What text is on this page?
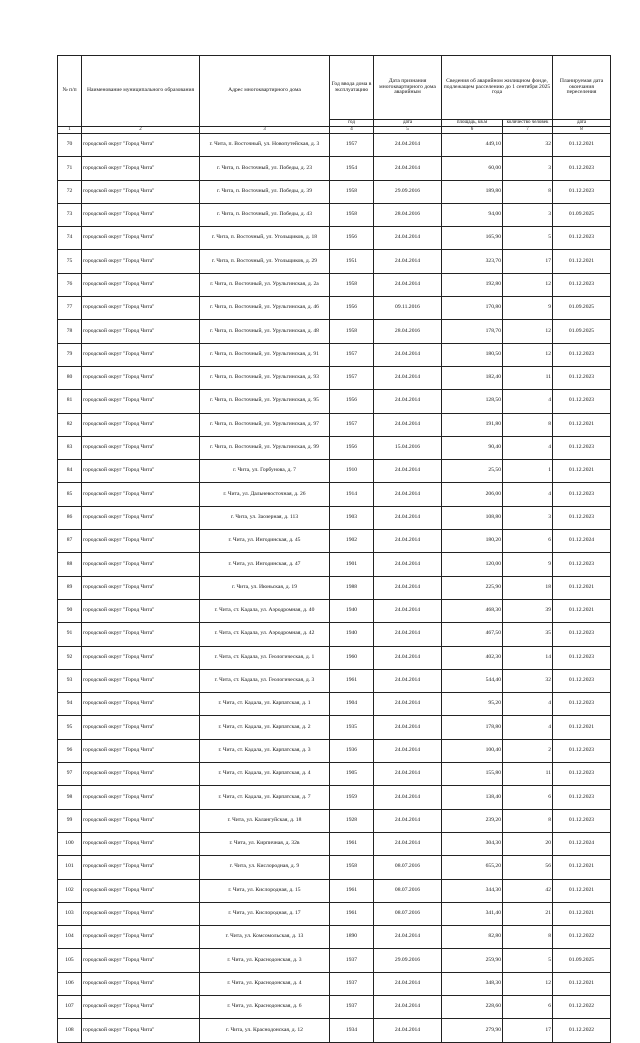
№ п/п	Наименование муниципального образования	Адрес многоквартирного дома	Год ввода дома в эксплуатацию	Дата признания многоквартирного дома аварийным	Сведения об аварийном жилищном фонде, подлежащем расселению до 1 сентября 2025 года		Планируемая дата окончания переселения
			год	дата	площадь, кв.м	количество человек	дата
1	2	3	4	5	6	7	8
70	городской округ "Город Чита"	г. Чита, п. Восточный, ул. Новопутейская, д. 3	1957	24.04.2014	449,10	32	01.12.2021
71	городской округ "Город Чита"	г. Чита, п. Восточный, ул. Победы, д. 23	1954	24.04.2014	60,00	3	01.12.2023
72	городской округ "Город Чита"	г. Чита, п. Восточный, ул. Победы, д. 39	1958	29.09.2016	189,80	8	01.12.2023
73	городской округ "Город Чита"	г. Чита, п. Восточный, ул. Победы, д. 43	1958	28.04.2016	94,00	3	01.09.2025
74	городской округ "Город Чита"	г. Чита, п. Восточный, ул. Угольщиков, д. 18	1956	24.04.2014	165,90	5	01.12.2023
75	городской округ "Город Чита"	г. Чита, п. Восточный, ул. Угольщиков, д. 29	1951	24.04.2014	323,70	17	01.12.2021
76	городской округ "Город Чита"	г. Чита, п. Восточный, ул. Урульгинская, д. 2а	1958	24.04.2014	192,80	12	01.12.2023
77	городской округ "Город Чита"	г. Чита, п. Восточный, ул. Урульгинская, д. 46	1956	09.11.2016	170,80	9	01.09.2025
78	городской округ "Город Чита"	г. Чита, п. Восточный, ул. Урульгинская, д. 48	1958	28.04.2016	178,70	12	01.09.2025
79	городской округ "Город Чита"	г. Чита, п. Восточный, ул. Урульгинская, д. 91	1957	24.04.2014	180,50	12	01.12.2023
80	городской округ "Город Чита"	г. Чита, п. Восточный, ул. Урульгинская, д. 93	1957	24.04.2014	182,40	11	01.12.2023
81	городской округ "Город Чита"	г. Чита, п. Восточный, ул. Урульгинская, д. 95	1956	24.04.2014	128,50	4	01.12.2023
82	городской округ "Город Чита"	г. Чита, п. Восточный, ул. Урульгинская, д. 97	1957	24.04.2014	191,80	8	01.12.2021
83	городской округ "Город Чита"	г. Чита, п. Восточный, ул. Урульгинская, д. 99	1956	15.04.2016	90,40	4	01.12.2023
84	городской округ "Город Чита"	г. Чита, ул. Горбунова, д. 7	1910	24.04.2014	25,50	1	01.12.2021
85	городской округ "Город Чита"	г. Чита, ул. Дальневосточная, д. 26	1914	24.04.2014	206,00	4	01.12.2023
86	городской округ "Город Чита"	г. Чита, ул. Заозерная, д. 113	1903	24.04.2014	108,80	3	01.12.2023
87	городской округ "Город Чита"	г. Чита, ул. Ингодинская, д. 45	1902	24.04.2014	180,20	6	01.12.2024
88	городской округ "Город Чита"	г. Чита, ул. Ингодинская, д. 47	1901	24.04.2014	120,00	9	01.12.2023
89	городской округ "Город Чита"	г. Чита, ул. Июньская, д. 19	1988	24.04.2014	225,90	18	01.12.2021
90	городской округ "Город Чита"	г. Чита, ст. Кадала, ул. Аэродромная, д. 40	1940	24.04.2014	468,30	39	01.12.2021
91	городской округ "Город Чита"	г. Чита, ст. Кадала, ул. Аэродромная, д. 42	1940	24.04.2014	467,50	35	01.12.2023
92	городской округ "Город Чита"	г. Чита, ст. Кадала, ул. Геологическая, д. 1	1960	24.04.2014	402,30	14	01.12.2023
93	городской округ "Город Чита"	г. Чита, ст. Кадала, ул. Геологическая, д. 3	1961	24.04.2014	544,40	32	01.12.2023
94	городской округ "Город Чита"	г. Чита, ст. Кадала, ул. Карпатская, д. 1	1904	24.04.2014	95,20	4	01.12.2023
95	городской округ "Город Чита"	г. Чита, ст. Кадала, ул. Карпатская, д. 2	1935	24.04.2014	178,80	4	01.12.2021
96	городской округ "Город Чита"	г. Чита, ст. Кадала, ул. Карпатская, д. 3	1936	24.04.2014	100,40	2	01.12.2023
97	городской округ "Город Чита"	г. Чита, ст. Кадала, ул. Карпатская, д. 4	1905	24.04.2014	155,80	11	01.12.2023
98	городской округ "Город Чита"	г. Чита, ст. Кадала, ул. Карпатская, д. 7	1959	24.04.2014	138,40	6	01.12.2023
99	городской округ "Город Чита"	г. Чита, ул. Калангуйская, д. 18	1928	24.04.2014	239,20	8	01.12.2023
100	городской округ "Город Чита"	г. Чита, ул. Кирпичная, д. 32в	1961	24.04.2014	304,30	20	01.12.2024
101	городской округ "Город Чита"	г. Чита, ул. Кислородная, д. 9	1958	08.07.2016	655,20	56	01.12.2021
102	городской округ "Город Чита"	г. Чита, ул. Кислородная, д. 15	1961	08.07.2016	344,30	42	01.12.2021
103	городской округ "Город Чита"	г. Чита, ул. Кислородная, д. 17	1961	08.07.2016	341,40	21	01.12.2021
104	городской округ "Город Чита"	г. Чита, ул. Комсомольская, д. 13	1890	24.04.2014	82,80	8	01.12.2022
105	городской округ "Город Чита"	г. Чита, ул. Краснодонская, д. 3	1937	29.09.2016	259,90	5	01.09.2025
106	городской округ "Город Чита"	г. Чита, ул. Краснодонская, д. 4	1937	24.04.2014	348,30	12	01.12.2021
107	городской округ "Город Чита"	г. Чита, ул. Краснодонская, д. 6	1937	24.04.2014	228,60	6	01.12.2022
108	городской округ "Город Чита"	г. Чита, ул. Краснодонская, д. 12	1934	24.04.2014	279,90	17	01.12.2022
